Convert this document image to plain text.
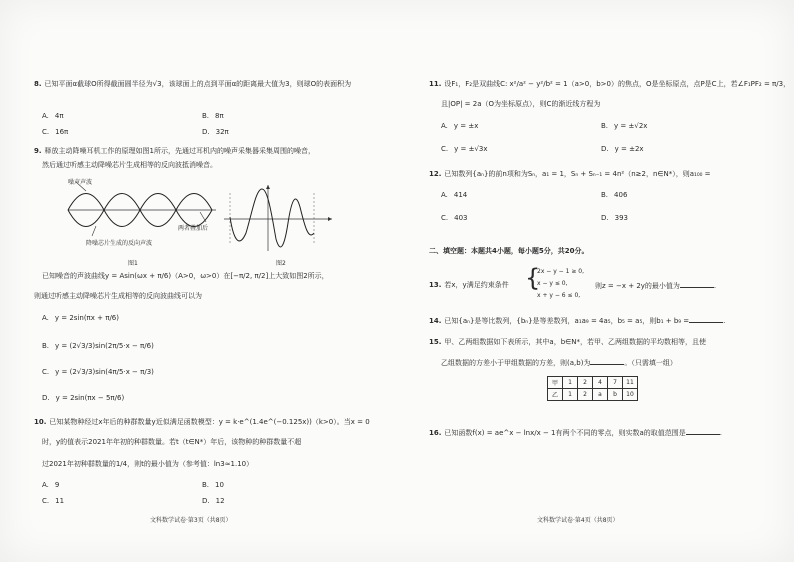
8. 已知平面α截球O所得截面圆半径为√3，该球面上的点到平面α的距离最大值为3，则球O的表面积为
A. 4π	B. 8π
C. 16π	D. 32π
9. 释放主动降噪耳机工作的原理如图1所示，先通过耳机内的噪声采集器采集周围的噪音，
然后通过听感主动降噪芯片生成相等的反向波抵消噪音。
噪声声波
降噪芯片生成的反向声波
两者叠加后
图1	图2
已知噪音的声波曲线y = Asin(ωx + π/6)（A>0，ω>0）在[−π/2, π/2]上大致如图2所示，
则通过听感主动降噪芯片生成相等的反向波曲线可以为
A. y = 2sin(πx + π/6)
B. y = (2√3/3)sin(2π/5·x − π/6)
C. y = (2√3/3)sin(4π/5·x − π/3)
D. y = 2sin(πx − 5π/6)
10. 已知某物种经过x年后的种群数量y近似满足函数模型：y = k·e^(1.4e^(−0.125x))（k>0）。当x = 0
时，y的值表示2021年年初的种群数量。若t（t∈N*）年后，该物种的种群数量不超
过2021年初种群数量的1/4，则t的最小值为（参考值：ln3≈1.10）
A. 9	B. 10
C. 11	D. 12
文科数学试卷·第3页（共8页）
11. 设F₁，F₂是双曲线C: x²/a² − y²/b² = 1（a>0，b>0）的焦点，O是坐标原点，点P是C上，若∠F₁PF₂ = π/3，
且|OP| = 2a（O为坐标原点），则C的渐近线方程为
A. y = ±x	B. y = ±√2x
C. y = ±√3x	D. y = ±2x
12. 已知数列{aₙ}的前n项和为Sₙ，a₁ = 1，Sₙ + Sₙ₋₁ = 4n²（n≥2，n∈N*），则a₁₀₀ =
A. 414	B. 406
C. 403	D. 393
二、填空题：本题共4小题，每小题5分，共20分。
13. 若x，y满足约束条件 {
2x − y − 1 ≥ 0,
x − y ≤ 0,
x + y − 6 ≤ 0,
则z = −x + 2y的最小值为	.
14. 已知{aₙ}是等比数列，{bₙ}是等差数列，a₁a₉ = 4a₅，b₅ = a₅，则b₁ + b₉ =	.
15. 甲、乙两组数据如下表所示，其中a，b∈N*，若甲、乙两组数据的平均数相等，且使
乙组数据的方差小于甲组数据的方差，则(a,b)为	。（只需填一组）
甲	1	2	4	7	11
乙	1	2	a	b	10
16. 已知函数f(x) = ae^x − lnx/x − 1有两个不同的零点，则实数a的取值范围是	.
文科数学试卷·第4页（共8页）
